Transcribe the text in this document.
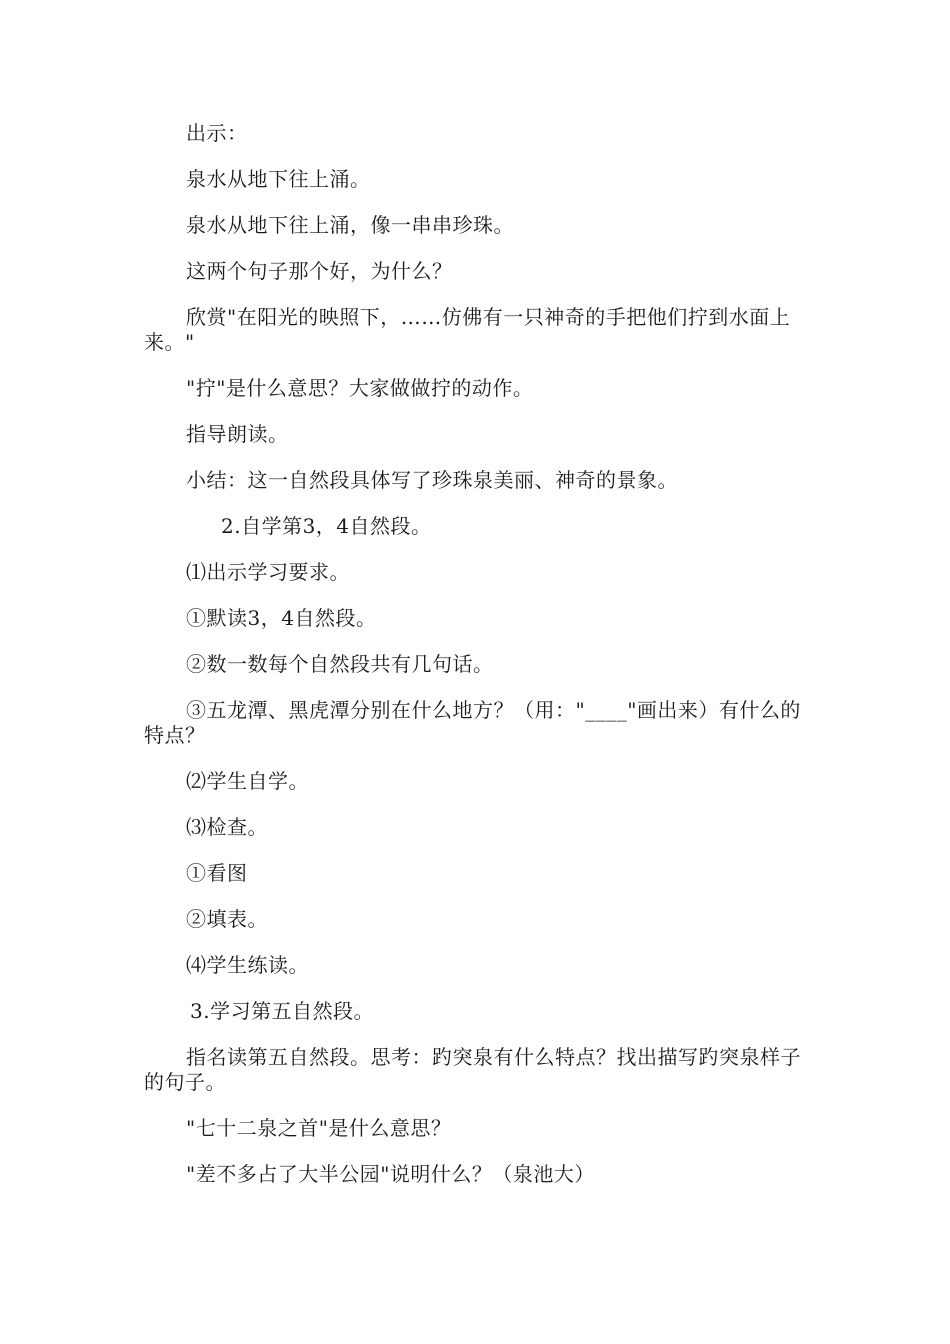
出示：

泉水从地下往上涌。

泉水从地下往上涌，像一串串珍珠。

这两个句子那个好，为什么？

欣赏"在阳光的映照下，……仿佛有一只神奇的手把他们拧到水面上来。"

"拧"是什么意思？大家做做拧的动作。

指导朗读。

小结：这一自然段具体写了珍珠泉美丽、神奇的景象。

2.自学第3，4自然段。

⑴出示学习要求。

①默读3，4自然段。

②数一数每个自然段共有几句话。

③五龙潭、黑虎潭分别在什么地方？（用："____"画出来）有什么的特点？

⑵学生自学。

⑶检查。

①看图

②填表。

⑷学生练读。

3.学习第五自然段。

指名读第五自然段。思考：趵突泉有什么特点？找出描写趵突泉样子的句子。

"七十二泉之首"是什么意思？

"差不多占了大半公园"说明什么？（泉池大）
